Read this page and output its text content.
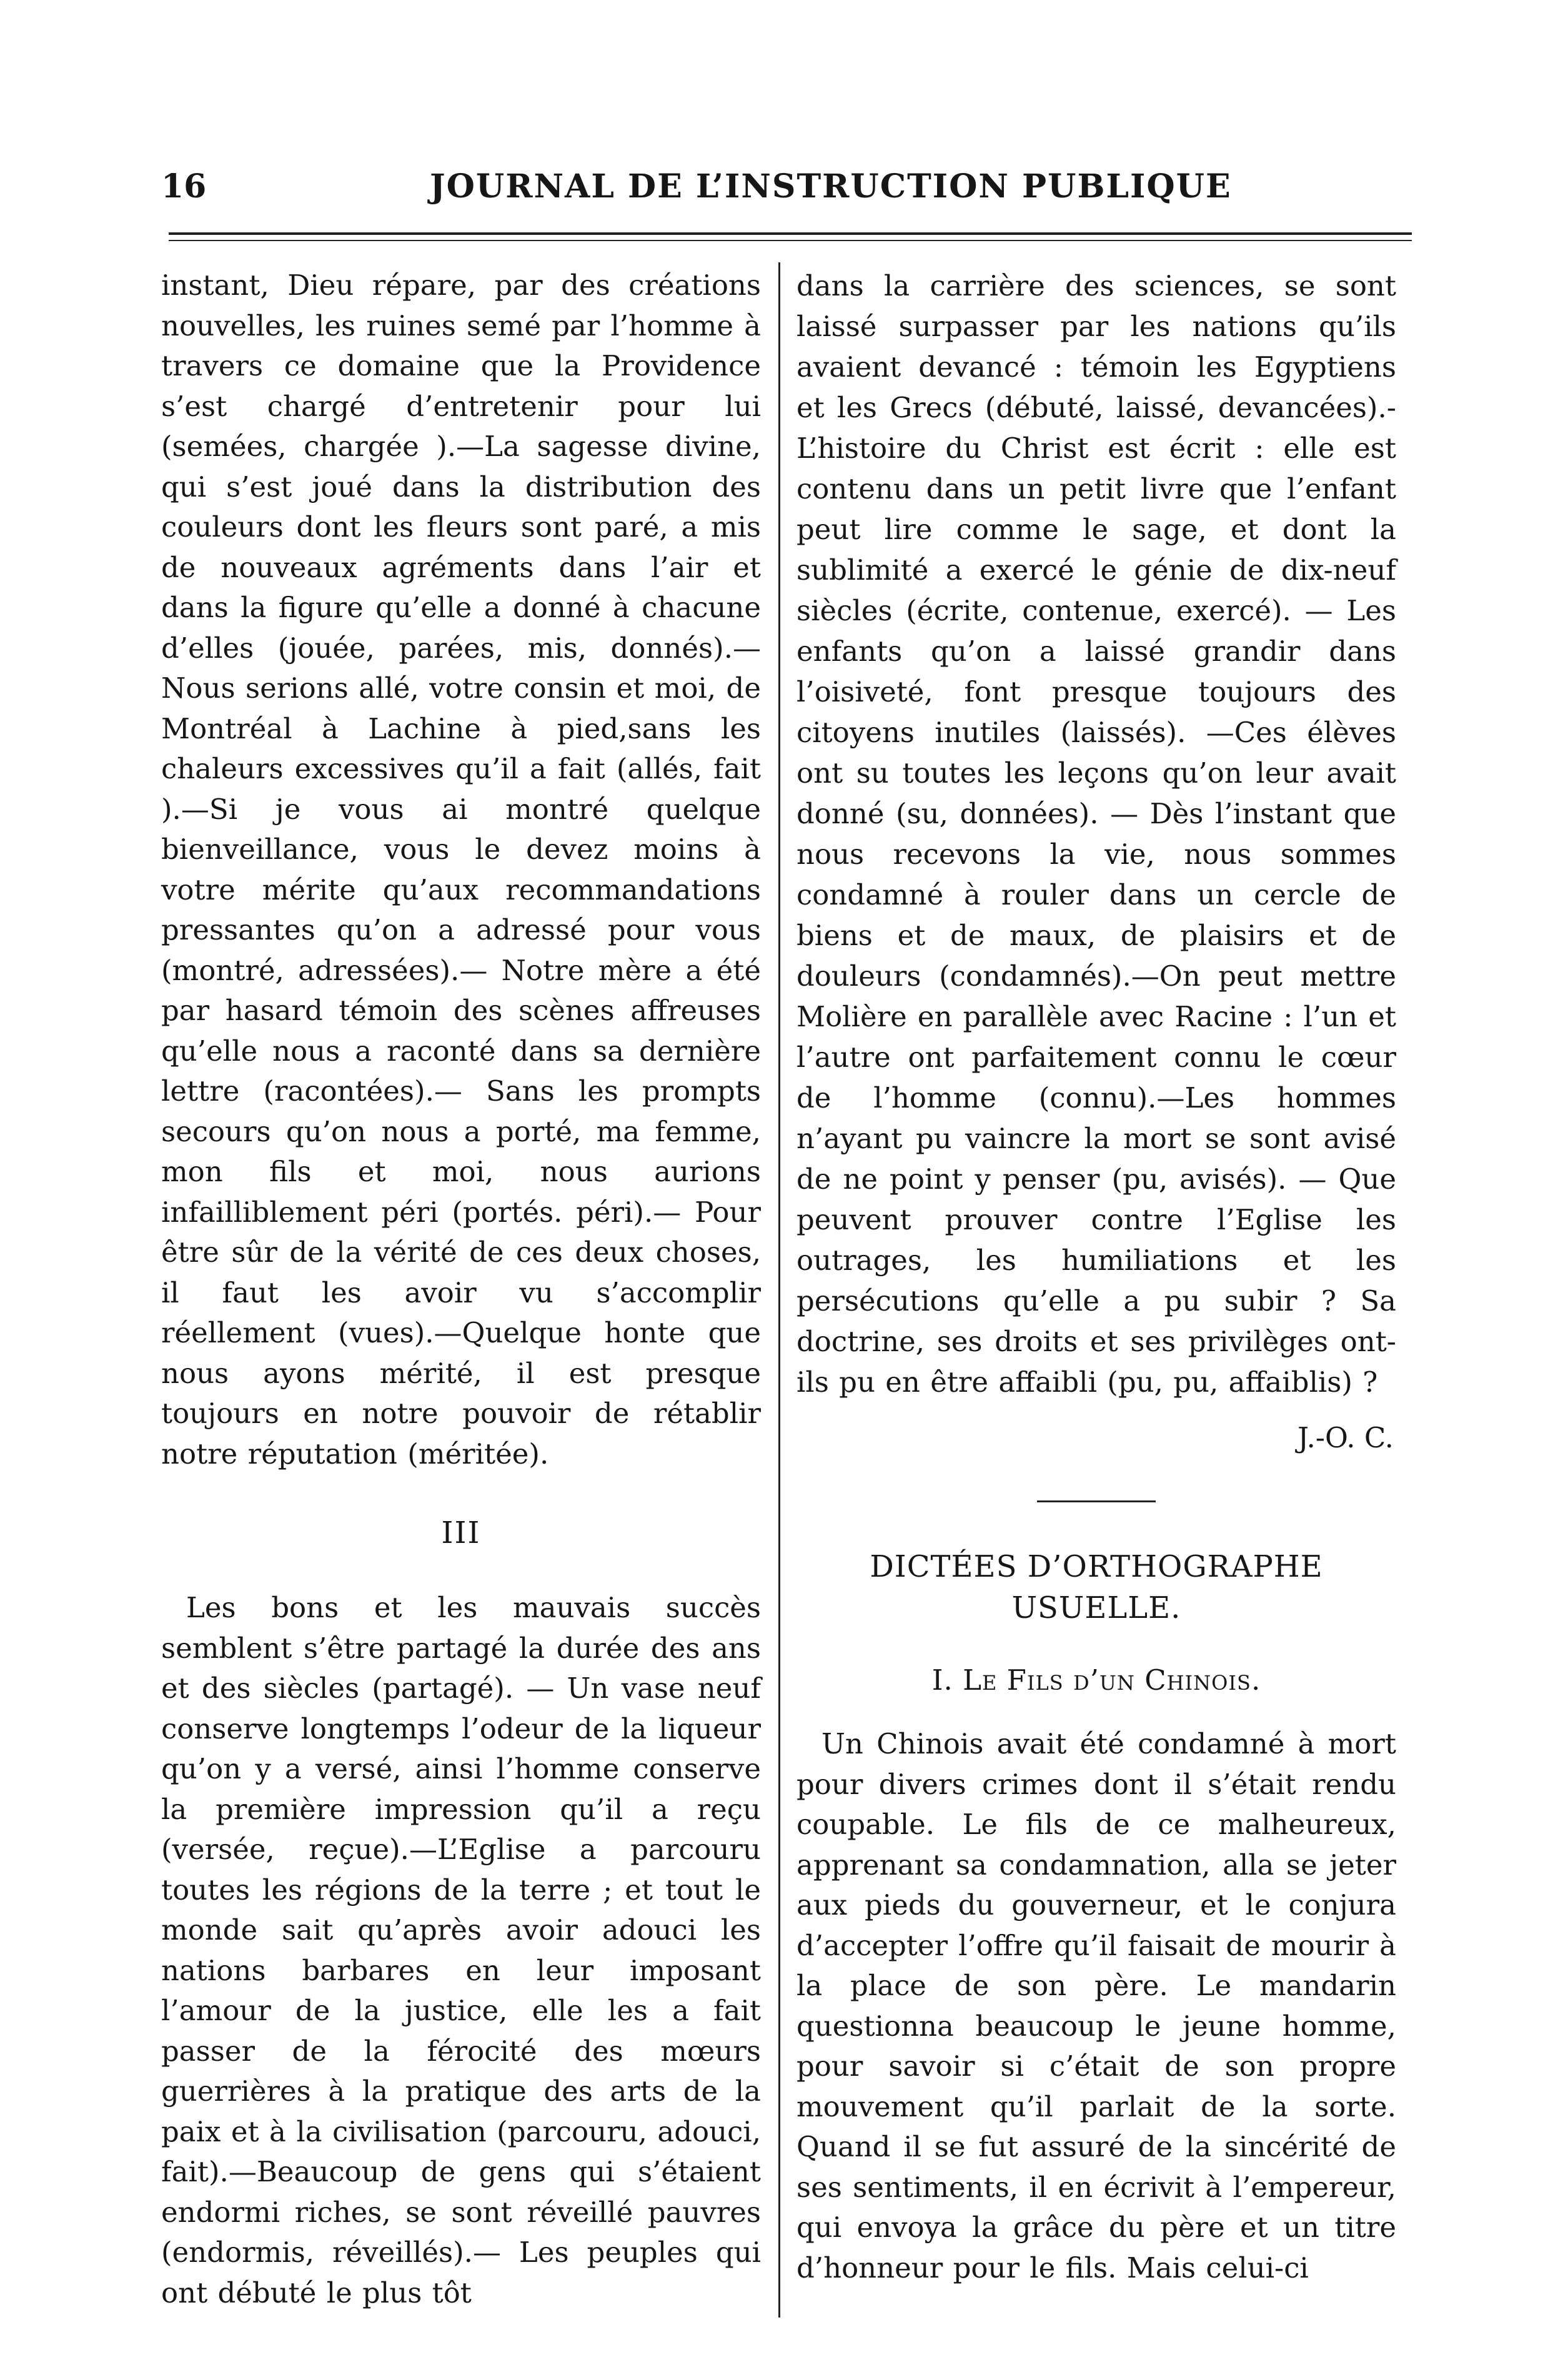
16	JOURNAL DE L’INSTRUCTION PUBLIQUE

instant, Dieu répare, par des créations nouvelles, les ruines semé par l’homme à travers ce domaine que la Providence s’est chargé d’entretenir pour lui (semées, chargée ).—La sagesse divine, qui s’est joué dans la distribution des couleurs dont les fleurs sont paré, a mis de nouveaux agréments dans l’air et dans la figure qu’elle a donné à chacune d’elles (jouée, parées, mis, donnés).— Nous serions allé, votre consin et moi, de Montréal à Lachine à pied,sans les chaleurs excessives qu’il a fait (allés, fait ).—Si je vous ai montré quelque bienveillance, vous le devez moins à votre mérite qu’aux recommandations pressantes qu’on a adressé pour vous (montré, adressées).— Notre mère a été par hasard témoin des scènes affreuses qu’elle nous a raconté dans sa dernière lettre (racontées).— Sans les prompts secours qu’on nous a porté, ma femme, mon fils et moi, nous aurions infailliblement péri (portés. péri).— Pour être sûr de la vérité de ces deux choses, il faut les avoir vu s’accomplir réellement (vues).—Quelque honte que nous ayons mérité, il est presque toujours en notre pouvoir de rétablir notre réputation (méritée).

III

Les bons et les mauvais succès semblent s’être partagé la durée des ans et des siècles (partagé). — Un vase neuf conserve longtemps l’odeur de la liqueur qu’on y a versé, ainsi l’homme conserve la première impression qu’il a reçu (versée, reçue).—L’Eglise a parcouru toutes les régions de la terre ; et tout le monde sait qu’après avoir adouci les nations barbares en leur imposant l’amour de la justice, elle les a fait passer de la férocité des mœurs guerrières à la pratique des arts de la paix et à la civilisation (parcouru, adouci, fait).—Beaucoup de gens qui s’étaient endormi riches, se sont réveillé pauvres (endormis, réveillés).— Les peuples qui ont débuté le plus tôt

dans la carrière des sciences, se sont laissé surpasser par les nations qu’ils avaient devancé : témoin les Egyptiens et les Grecs (débuté, laissé, devancées).-L’histoire du Christ est écrit : elle est contenu dans un petit livre que l’enfant peut lire comme le sage, et dont la sublimité a exercé le génie de dix-neuf siècles (écrite, contenue, exercé). — Les enfants qu’on a laissé grandir dans l’oisiveté, font presque toujours des citoyens inutiles (laissés). —Ces élèves ont su toutes les leçons qu’on leur avait donné (su, données). — Dès l’instant que nous recevons la vie, nous sommes condamné à rouler dans un cercle de biens et de maux, de plaisirs et de douleurs (condamnés).—On peut mettre Molière en parallèle avec Racine : l’un et l’autre ont parfaitement connu le cœur de l’homme (connu).—Les hommes n’ayant pu vaincre la mort se sont avisé de ne point y penser (pu, avisés). — Que peuvent prouver contre l’Eglise les outrages, les humiliations et les persécutions qu’elle a pu subir ? Sa doctrine, ses droits et ses privilèges ont-ils pu en être affaibli (pu, pu, affaiblis) ?

J.-O. C.

DICTÉES D’ORTHOGRAPHE USUELLE.

I. Le Fils d’un Chinois.

Un Chinois avait été condamné à mort pour divers crimes dont il s’était rendu coupable. Le fils de ce malheureux, apprenant sa condamnation, alla se jeter aux pieds du gouverneur, et le conjura d’accepter l’offre qu’il faisait de mourir à la place de son père. Le mandarin questionna beaucoup le jeune homme, pour savoir si c’était de son propre mouvement qu’il parlait de la sorte. Quand il se fut assuré de la sincérité de ses sentiments, il en écrivit à l’empereur, qui envoya la grâce du père et un titre d’honneur pour le fils. Mais celui-ci
